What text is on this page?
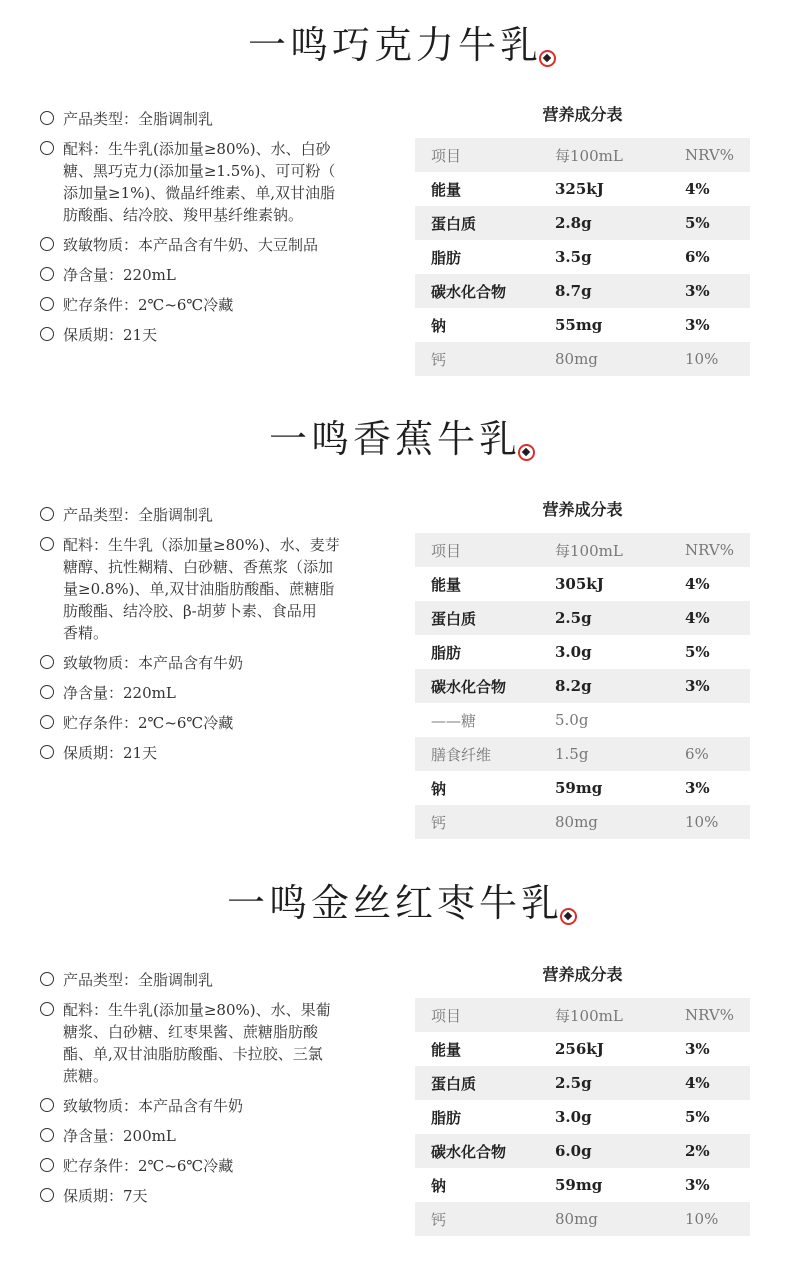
一鸣巧克力牛乳
产品类型：全脂调制乳
配料：生牛乳(添加量≥80%)、水、白砂
糖、黑巧克力(添加量≥1.5%)、可可粉（
添加量≥1%)、微晶纤维素、单,双甘油脂
肪酸酯、结冷胶、羧甲基纤维素钠。
致敏物质：本产品含有牛奶、大豆制品
净含量：220mL
贮存条件：2℃~6℃冷藏
保质期：21天
营养成分表
项目	每100mL	NRV%
能量	325kJ	4%
蛋白质	2.8g	5%
脂肪	3.5g	6%
碳水化合物	8.7g	3%
钠	55mg	3%
钙	80mg	10%
一鸣香蕉牛乳
产品类型：全脂调制乳
配料：生牛乳（添加量≥80%)、水、麦芽
糖醇、抗性糊精、白砂糖、香蕉浆（添加
量≥0.8%)、单,双甘油脂肪酸酯、蔗糖脂
肪酸酯、结冷胶、β-胡萝卜素、食品用
香精。
致敏物质：本产品含有牛奶
净含量：220mL
贮存条件：2℃~6℃冷藏
保质期：21天
营养成分表
项目	每100mL	NRV%
能量	305kJ	4%
蛋白质	2.5g	4%
脂肪	3.0g	5%
碳水化合物	8.2g	3%
——糖	5.0g
膳食纤维	1.5g	6%
钠	59mg	3%
钙	80mg	10%
一鸣金丝红枣牛乳
产品类型：全脂调制乳
配料：生牛乳(添加量≥80%)、水、果葡
糖浆、白砂糖、红枣果酱、蔗糖脂肪酸
酯、单,双甘油脂肪酸酯、卡拉胶、三氯
蔗糖。
致敏物质：本产品含有牛奶
净含量：200mL
贮存条件：2℃~6℃冷藏
保质期：7天
营养成分表
项目	每100mL	NRV%
能量	256kJ	3%
蛋白质	2.5g	4%
脂肪	3.0g	5%
碳水化合物	6.0g	2%
钠	59mg	3%
钙	80mg	10%
